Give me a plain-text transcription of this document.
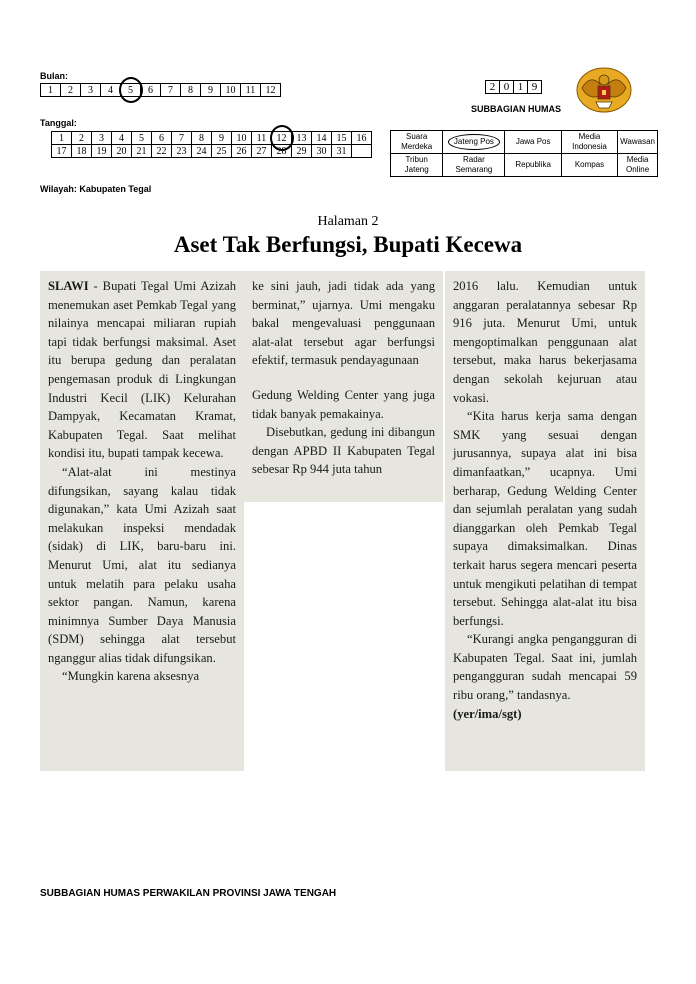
Bulan:
1	2	3	4	5	6	7	8	9	10	11	12
Tanggal:
1	2	3	4	5	6	7	8	9	10	11	12	13	14	15	16
17	18	19	20	21	22	23	24	25	26	27	28	29	30	31	
Wilayah: Kabupaten Tegal
2	0	1	9
SUBBAGIAN HUMAS
Suara Merdeka	Jateng Pos	Jawa Pos	Media Indonesia	Wawasan
Tribun Jateng	Radar Semarang	Republika	Kompas	Media Online
Halaman 2
Aset Tak Berfungsi, Bupati Kecewa

SLAWI - Bupati Tegal Umi Azizah menemukan aset Pemkab Tegal yang nilainya mencapai miliaran rupiah tapi tidak berfungsi maksimal. Aset itu berupa gedung dan peralatan pengemasan produk di Lingkungan Industri Kecil (LIK) Kelurahan Dampyak, Kecamatan Kramat, Kabupaten Tegal. Saat melihat kondisi itu, bupati tampak kecewa.

“Alat-alat ini mestinya difungsikan, sayang kalau tidak digunakan,” kata Umi Azizah saat melakukan inspeksi mendadak (sidak) di LIK, baru-baru ini. Menurut Umi, alat itu sedianya untuk melatih para pelaku usaha sektor pangan. Namun, karena minimnya Sumber Daya Manusia (SDM) sehingga alat tersebut nganggur alias tidak difungsikan.

“Mungkin karena aksesnya

ke sini jauh, jadi tidak ada yang berminat,” ujarnya. Umi mengaku bakal mengevaluasi penggunaan alat-alat tersebut agar berfungsi efektif, termasuk pendayagunaan

Gedung Welding Center yang juga tidak banyak pemakainya.

Disebutkan, gedung ini dibangun dengan APBD II Kabupaten Tegal sebesar Rp 944 juta tahun

2016 lalu. Kemudian untuk anggaran peralatannya sebesar Rp 916 juta. Menurut Umi, untuk mengoptimalkan penggunaan alat tersebut, maka harus bekerjasama dengan sekolah kejuruan atau vokasi.

“Kita harus kerja sama dengan SMK yang sesuai dengan jurusannya, supaya alat ini bisa dimanfaatkan,” ucapnya. Umi berharap, Gedung Welding Center dan sejumlah peralatan yang sudah dianggarkan oleh Pemkab Tegal supaya dimaksimalkan. Dinas terkait harus segera mencari peserta untuk mengikuti pelatihan di tempat tersebut. Sehingga alat-alat itu bisa berfungsi.

“Kurangi angka pengangguran di Kabupaten Tegal. Saat ini, jumlah pengangguran sudah mencapai 59 ribu orang,” tandasnya.

(yer/ima/sgt)

SUBBAGIAN HUMAS PERWAKILAN PROVINSI JAWA TENGAH
